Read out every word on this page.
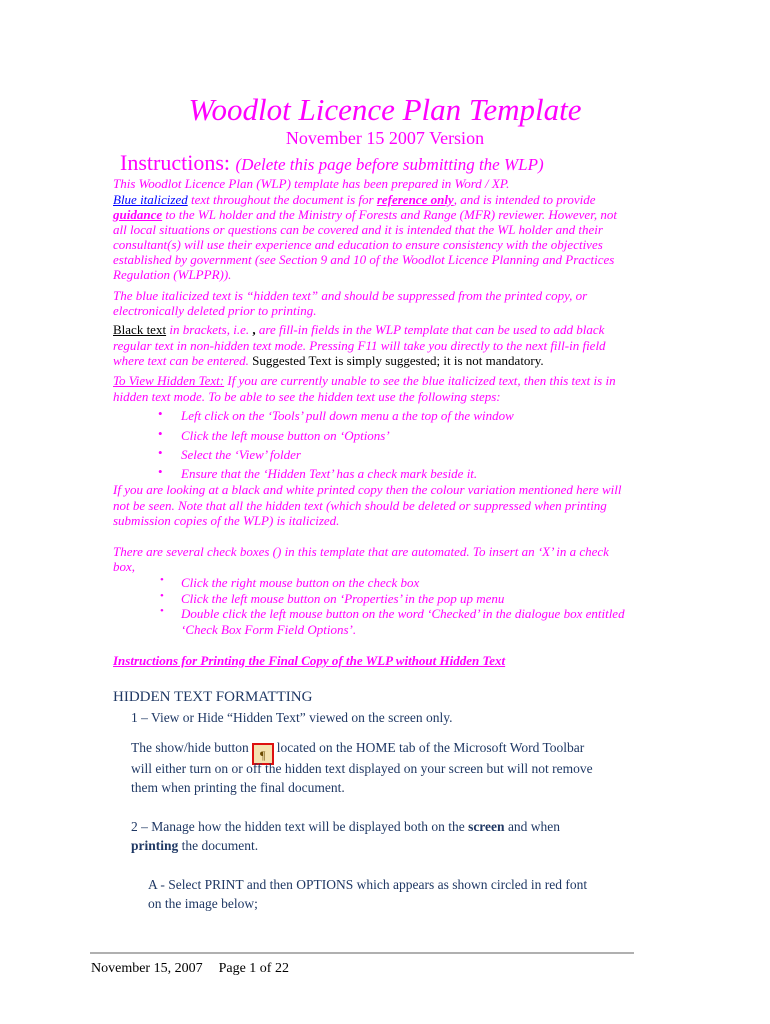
Woodlot Licence Plan Template
November 15 2007 Version
Instructions: (Delete this page before submitting the WLP)
This Woodlot Licence Plan (WLP) template has been prepared in Word / XP.
Blue italicized text throughout the document is for reference only, and is intended to provide
guidance to the WL holder and the Ministry of Forests and Range (MFR) reviewer. However, not
all local situations or questions can be covered and it is intended that the WL holder and their
consultant(s) will use their experience and education to ensure consistency with the objectives
established by government (see Section 9 and 10 of the Woodlot Licence Planning and Practices
Regulation (WLPPR)).
The blue italicized text is “hidden text” and should be suppressed from the printed copy, or
electronically deleted prior to printing.
Black text in brackets, i.e. , are fill-in fields in the WLP template that can be used to add black
regular text in non-hidden text mode. Pressing F11 will take you directly to the next fill-in field
where text can be entered. Suggested Text is simply suggested; it is not mandatory.
To View Hidden Text: If you are currently unable to see the blue italicized text, then this text is in
hidden text mode. To be able to see the hidden text use the following steps:
• Left click on the ‘Tools’ pull down menu a the top of the window
• Click the left mouse button on ‘Options’
• Select the ‘View’ folder
• Ensure that the ‘Hidden Text’ has a check mark beside it.
If you are looking at a black and white printed copy then the colour variation mentioned here will
not be seen. Note that all the hidden text (which should be deleted or suppressed when printing
submission copies of the WLP) is italicized.
There are several check boxes () in this template that are automated. To insert an ‘X’ in a check
box,
• Click the right mouse button on the check box
• Click the left mouse button on ‘Properties’ in the pop up menu
• Double click the left mouse button on the word ‘Checked’ in the dialogue box entitled
‘Check Box Form Field Options’.
Instructions for Printing the Final Copy of the WLP without Hidden Text
HIDDEN TEXT FORMATTING
1 – View or Hide “Hidden Text” viewed on the screen only.
The show/hide button ¶ located on the HOME tab of the Microsoft Word Toolbar
will either turn on or off the hidden text displayed on your screen but will not remove
them when printing the final document.
2 – Manage how the hidden text will be displayed both on the screen and when
printing the document.
A - Select PRINT and then OPTIONS which appears as shown circled in red font
on the image below;
November 15, 2007 Page 1 of 22
